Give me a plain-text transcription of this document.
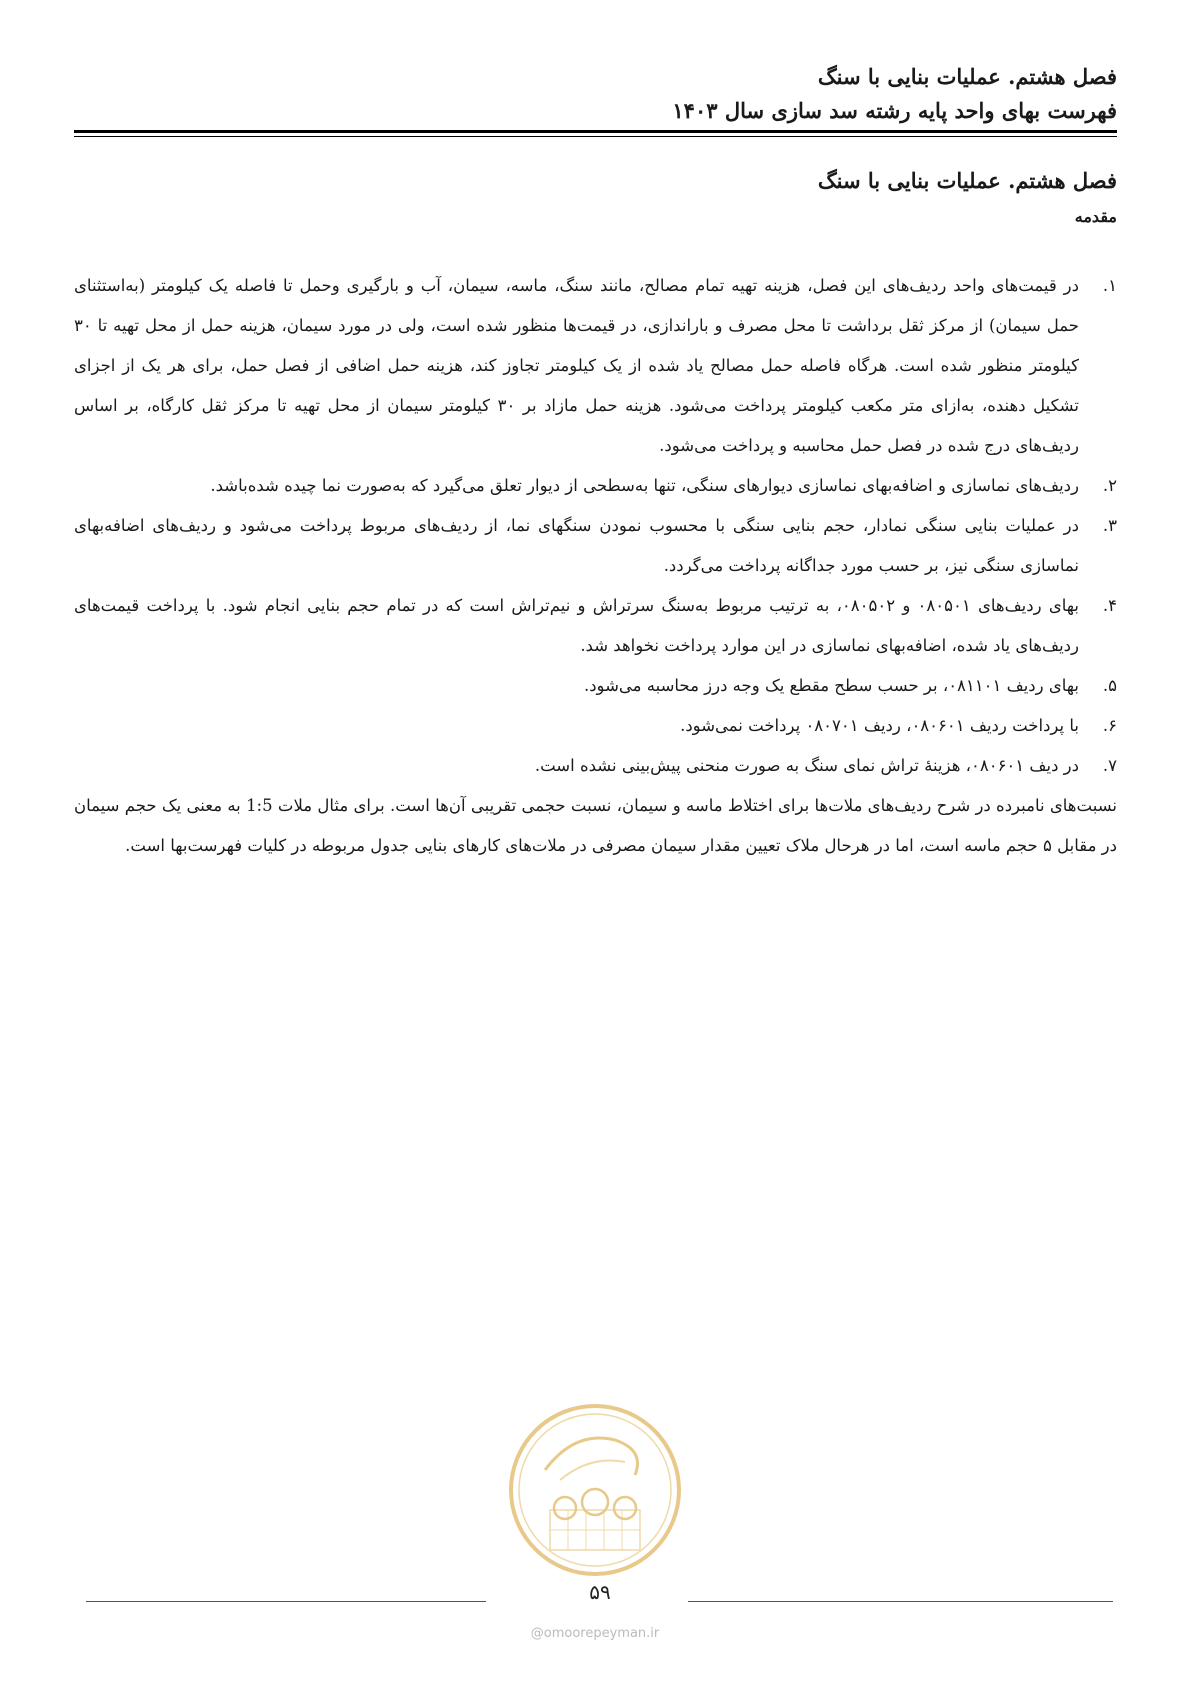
فصل هشتم. عملیات بنایی با سنگ
فهرست بهای واحد پایه رشته سد سازی سال ۱۴۰۳
فصل هشتم. عملیات بنایی با سنگ
مقدمه
۱.
در قیمت‌های واحد ردیف‌های این فصل، هزینه تهیه تمام مصالح، مانند سنگ، ماسه، سیمان، آب و بارگیری وحمل تا فاصله یک کیلومتر (به‌استثنای حمل سیمان) از مرکز ثقل برداشت تا محل مصرف و باراندازی، در قیمت‌ها منظور شده است، ولی در مورد سیمان، هزینه حمل از محل تهیه تا ۳۰ کیلومتر منظور شده است. هرگاه فاصله حمل مصالح یاد شده از یک کیلومتر تجاوز کند، هزینه حمل اضافی از فصل حمل، برای هر یک از اجزای تشکیل دهنده، به‌ازای متر مکعب کیلومتر پرداخت می‌شود. هزینه حمل مازاد بر ۳۰ کیلومتر سیمان از محل تهیه تا مرکز ثقل کارگاه، بر اساس ردیف‌های درج شده در فصل حمل محاسبه و پرداخت می‌شود.
۲.
ردیف‌های نماسازی و اضافه‌بهای نماسازی دیوارهای سنگی، تنها به‌سطحی از دیوار تعلق می‌گیرد که به‌صورت نما چیده شده‌باشد.
۳.
در عملیات بنایی سنگی نمادار، حجم بنایی سنگی با محسوب نمودن سنگهای نما، از ردیف‌های مربوط پرداخت می‌شود و ردیف‌های اضافه‌بهای نماسازی سنگی نیز، بر حسب مورد جداگانه پرداخت می‌گردد.
۴.
بهای ردیف‌های ۰۸۰۵۰۱ و ۰۸۰۵۰۲، به ترتیب مربوط به‌سنگ سرتراش و نیم‌تراش است که در تمام حجم بنایی انجام شود. با پرداخت قیمت‌های ردیف‌های یاد شده، اضافه‌بهای نماسازی در این موارد پرداخت نخواهد شد.
۵.
بهای ردیف ۰۸۱۱۰۱، بر حسب سطح مقطع یک وجه درز محاسبه می‌شود.
۶.
با پرداخت ردیف ۰۸۰۶۰۱، ردیف ۰۸۰۷۰۱ پرداخت نمی‌شود.
۷.
در دیف ۰۸۰۶۰۱، هزینهٔ تراش نمای سنگ به صورت منحنی پیش‌بینی نشده است.
نسبت‌های نامبرده در شرح ردیف‌های ملات‌ها برای اختلاط ماسه و سیمان، نسبت حجمی تقریبی آن‌ها است. برای مثال ملات 1:5 به معنی یک حجم سیمان در مقابل ۵ حجم ماسه است، اما در هرحال ملاک تعیین مقدار سیمان مصرفی در ملات‌های کارهای بنایی جدول مربوطه در کلیات فهرست‌بها است.
۵۹
@omoorepeyman.ir
